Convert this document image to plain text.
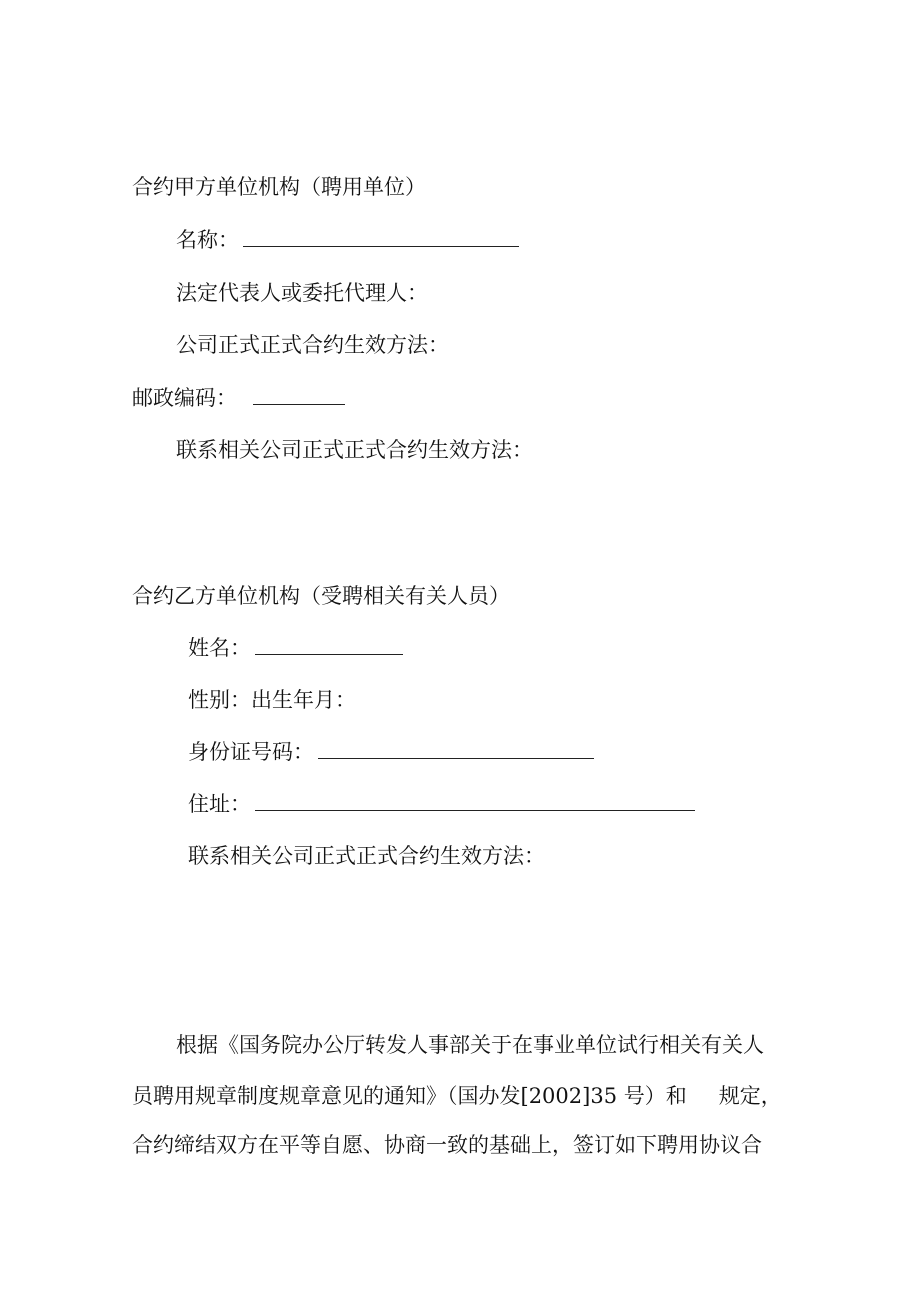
合约甲方单位机构（聘用单位）
名称：
法定代表人或委托代理人：
公司正式正式合约生效方法：
邮政编码：
联系相关公司正式正式合约生效方法：
合约乙方单位机构（受聘相关有关人员）
姓名：
性别：出生年月：
身份证号码：
住址：
联系相关公司正式正式合约生效方法：
根据《国务院办公厅转发人事部关于在事业单位试行相关有关人
员聘用规章制度规章意见的通知》（国办发[2002]35 号）和 规定，
合约缔结双方在平等自愿、协商一致的基础上，签订如下聘用协议合
